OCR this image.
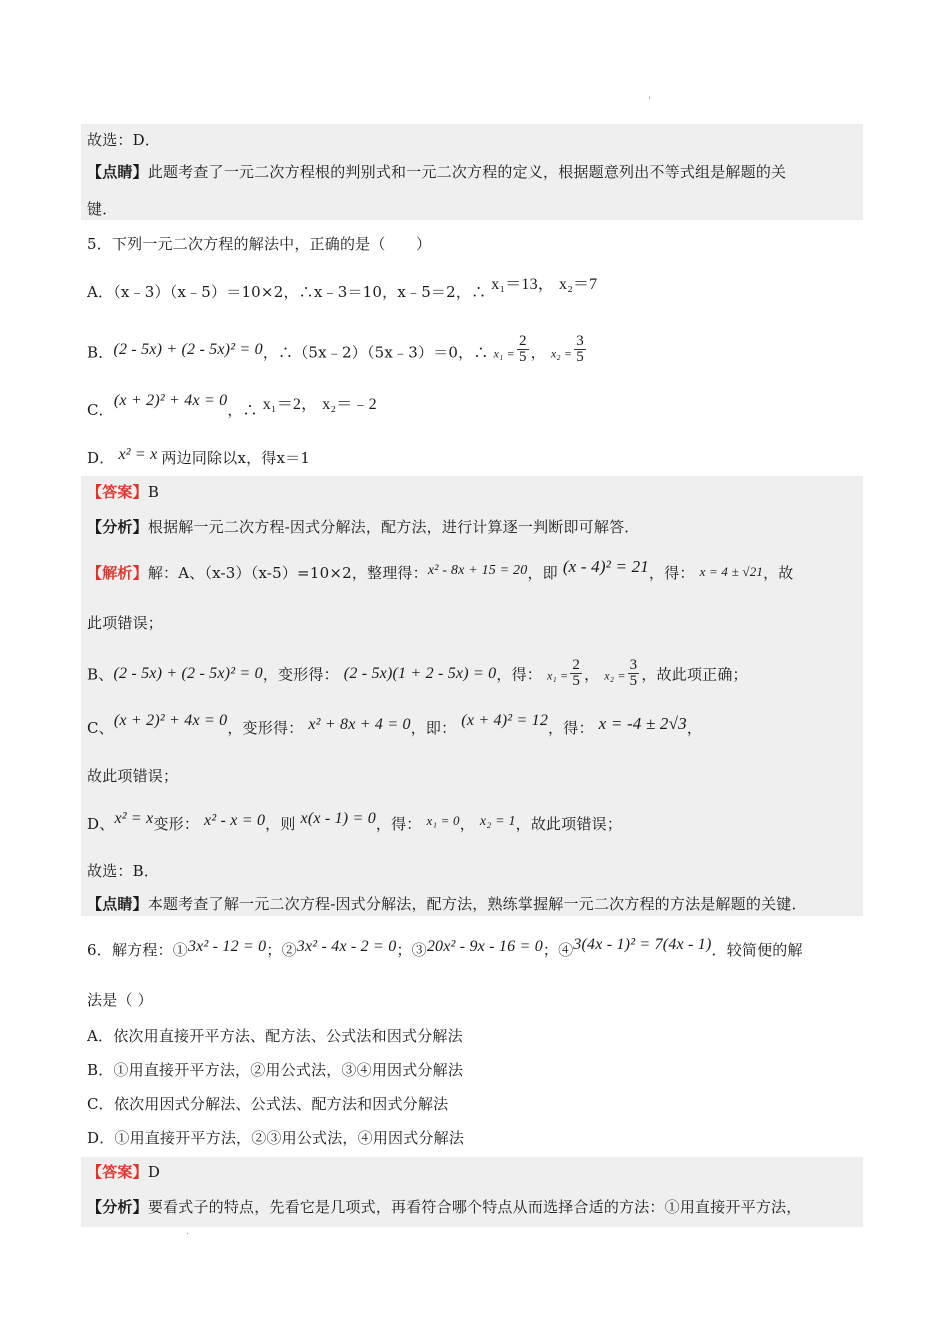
'
故选：D．
【点睛】此题考查了一元二次方程根的判别式和一元二次方程的定义，根据题意列出不等式组是解题的关
键．
5．下列一元二次方程的解法中，正确的是（　　）
A．（x﹣3）（x﹣5）＝10×2，∴x﹣3＝10，x﹣5＝2，∴ x₁＝13， x₂＝7
B．(2 - 5x) + (2 - 5x)² = 0，∴（5x﹣2）（5x﹣3）＝0，∴ $x_1 = \frac{2}{5}$ ， $x_2 = \frac{3}{5}$
C．(x + 2)² + 4x = 0，∴ x₁＝2， x₂＝﹣2
D． x² = x 两边同除以x，得x＝1
【答案】B
【分析】根据解一元二次方程-因式分解法，配方法，进行计算逐一判断即可解答．
【解析】解：A、（x-3）（x-5）=10×2，整理得：x² - 8x + 15 = 20，即 (x - 4)² = 21，得： x = 4 ± √21，故
此项错误；
B、(2 - 5x) + (2 - 5x)² = 0，变形得： (2 - 5x)(1 + 2 - 5x) = 0，得： $x_1 = \frac{2}{5}$ ， $x_2 = \frac{3}{5}$ ，故此项正确；
C、(x + 2)² + 4x = 0，变形得： x² + 8x + 4 = 0，即： (x + 4)² = 12，得： x = -4 ± 2√3，
故此项错误；
D、x² = x变形： x² - x = 0，则 x(x - 1) = 0，得： x₁ = 0， x₂ = 1，故此项错误；
故选：B．
【点睛】本题考查了解一元二次方程-因式分解法，配方法，熟练掌握解一元二次方程的方法是解题的关键．
6．解方程：①3x² - 12 = 0；②3x² - 4x - 2 = 0；③20x² - 9x - 16 = 0；④3(4x - 1)² = 7(4x - 1)．较简便的解
法是（ ）
A．依次用直接开平方法、配方法、公式法和因式分解法
B．①用直接开平方法，②用公式法，③④用因式分解法
C．依次用因式分解法、公式法、配方法和因式分解法
D．①用直接开平方法，②③用公式法，④用因式分解法
【答案】D
【分析】要看式子的特点，先看它是几项式，再看符合哪个特点从而选择合适的方法：①用直接开平方法，
.
